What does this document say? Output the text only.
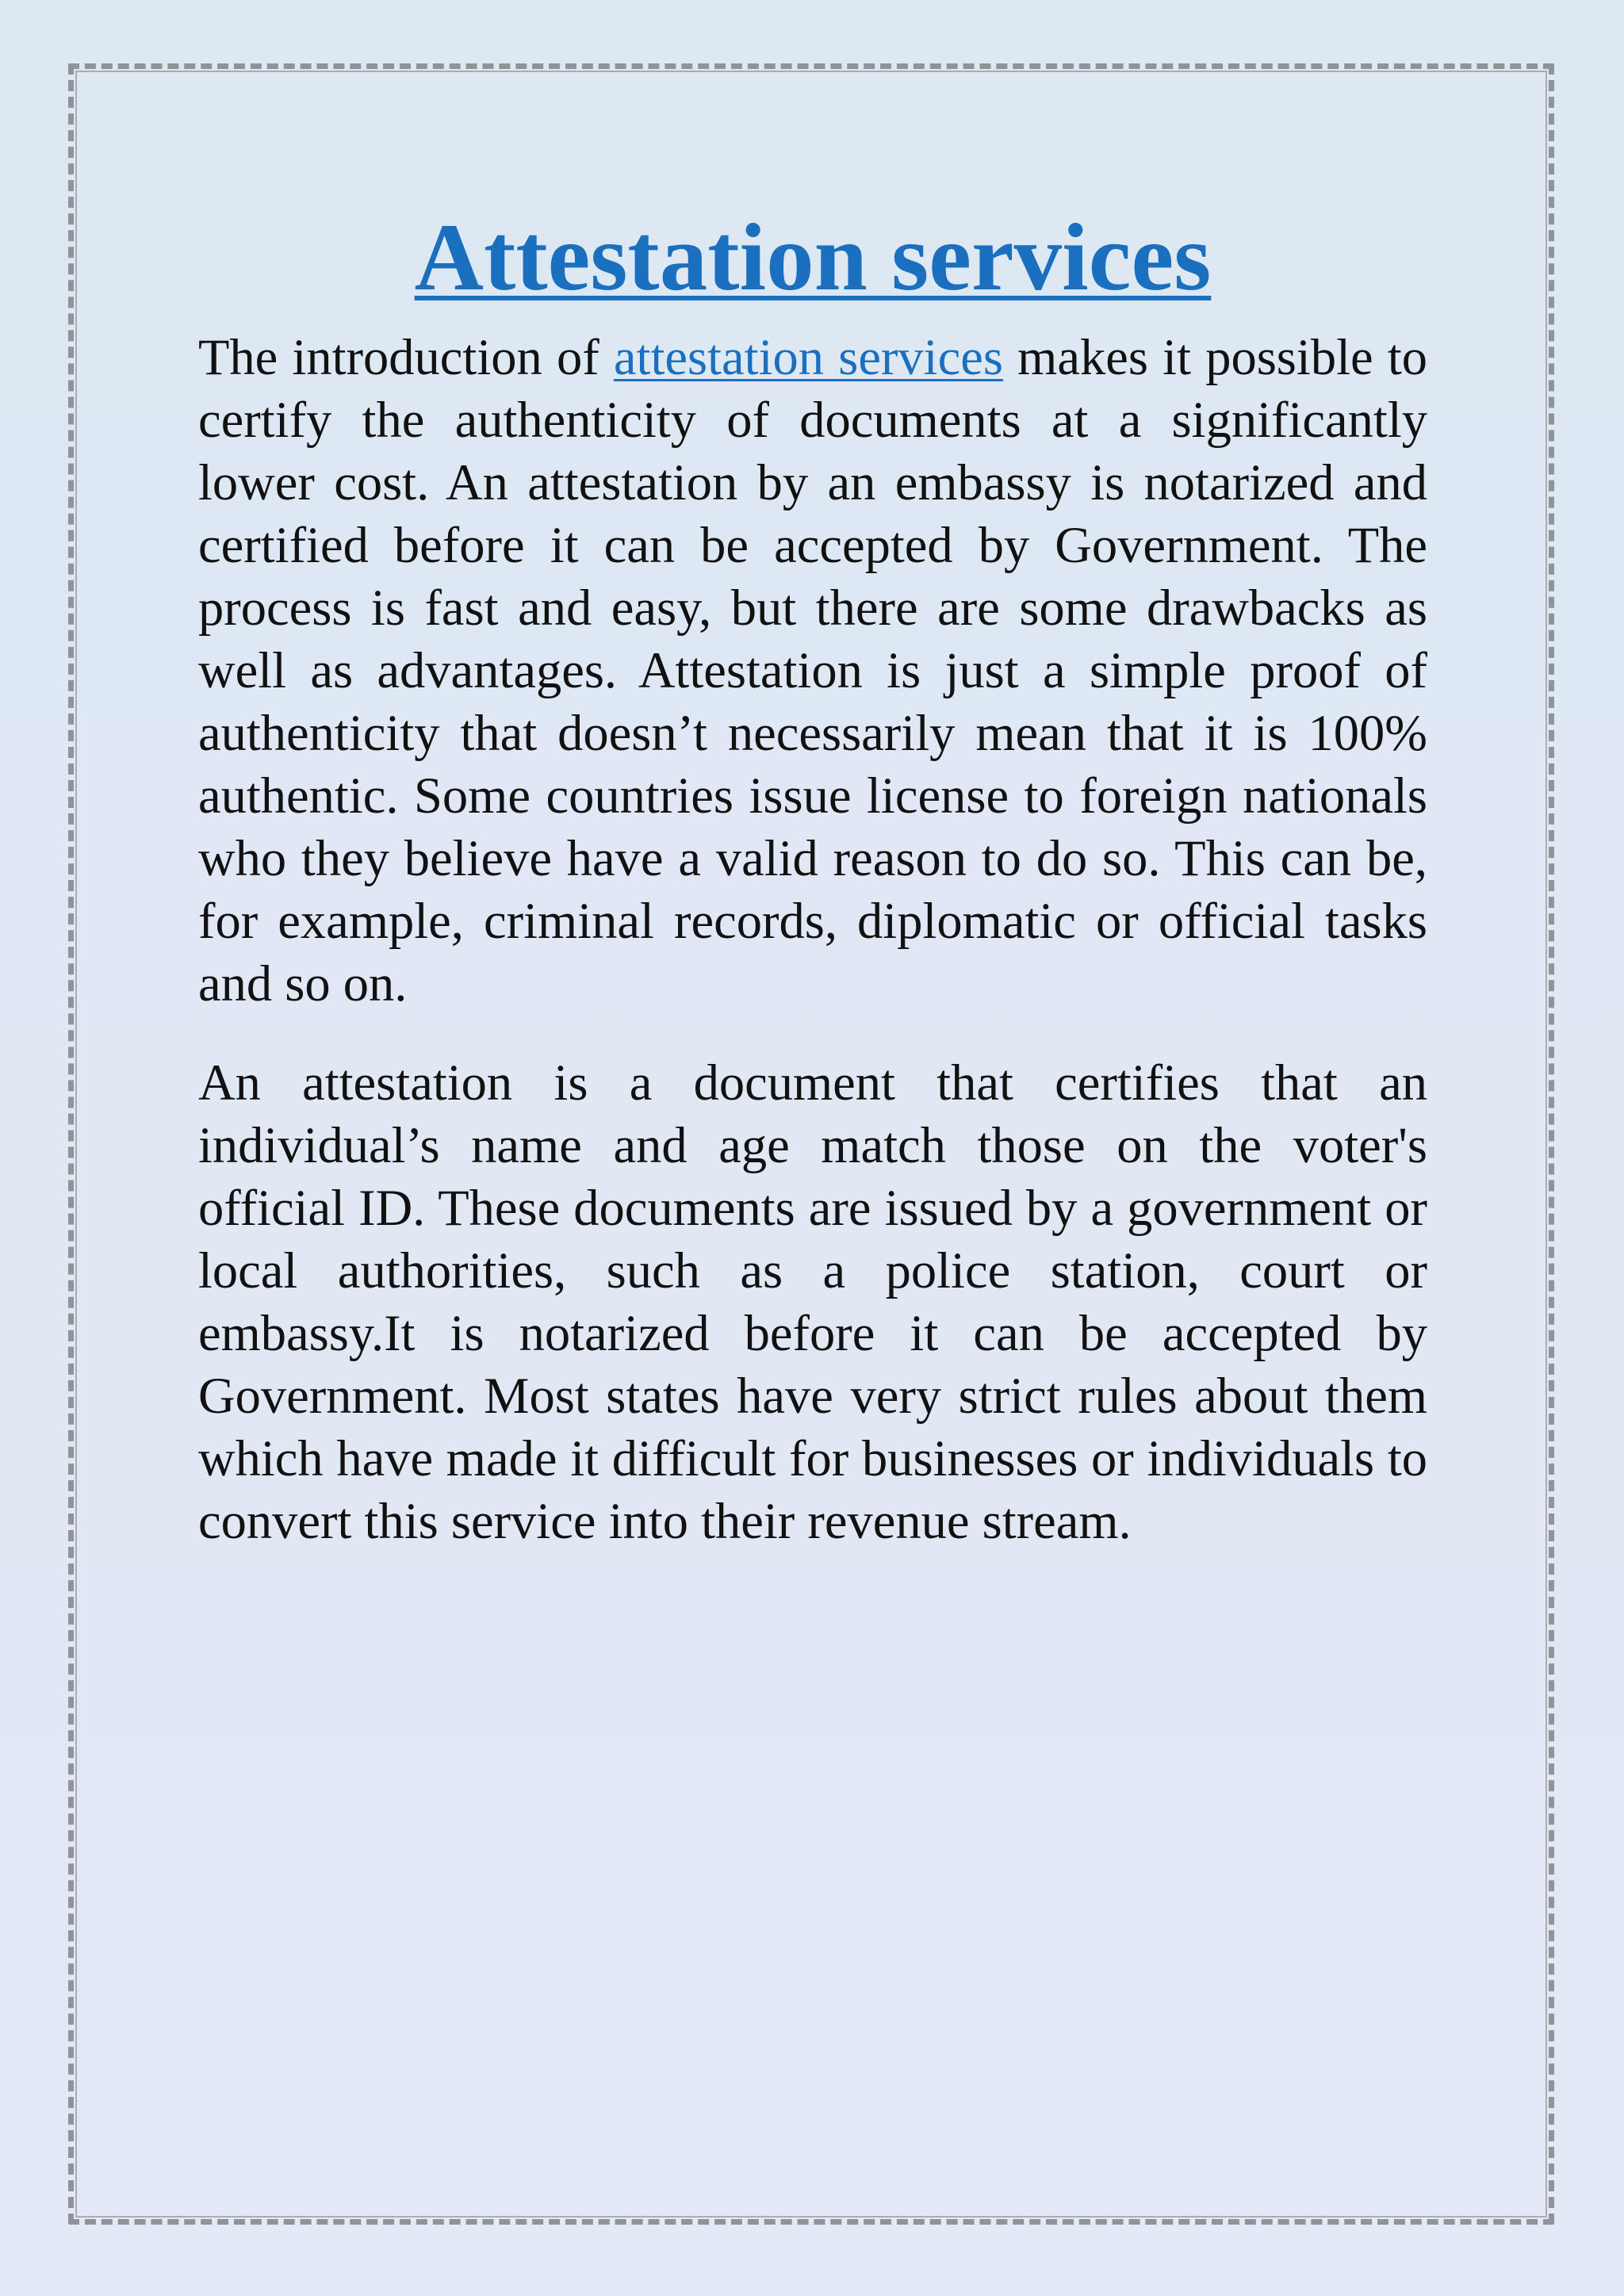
Attestation services

The introduction of attestation services makes it possible to certify the authenticity of documents at a significantly lower cost. An attestation by an embassy is notarized and certified before it can be accepted by Government. The process is fast and easy, but there are some drawbacks as well as advantages. Attestation is just a simple proof of authenticity that doesn’t necessarily mean that it is 100% authentic. Some countries issue license to foreign nationals who they believe have a valid reason to do so. This can be, for example, criminal records, diplomatic or official tasks and so on.

An attestation is a document that certifies that an individual’s name and age match those on the voter's official ID. These documents are issued by a government or local authorities, such as a police station, court or embassy.It is notarized before it can be accepted by Government. Most states have very strict rules about them which have made it difficult for businesses or individuals to convert this service into their revenue stream.
